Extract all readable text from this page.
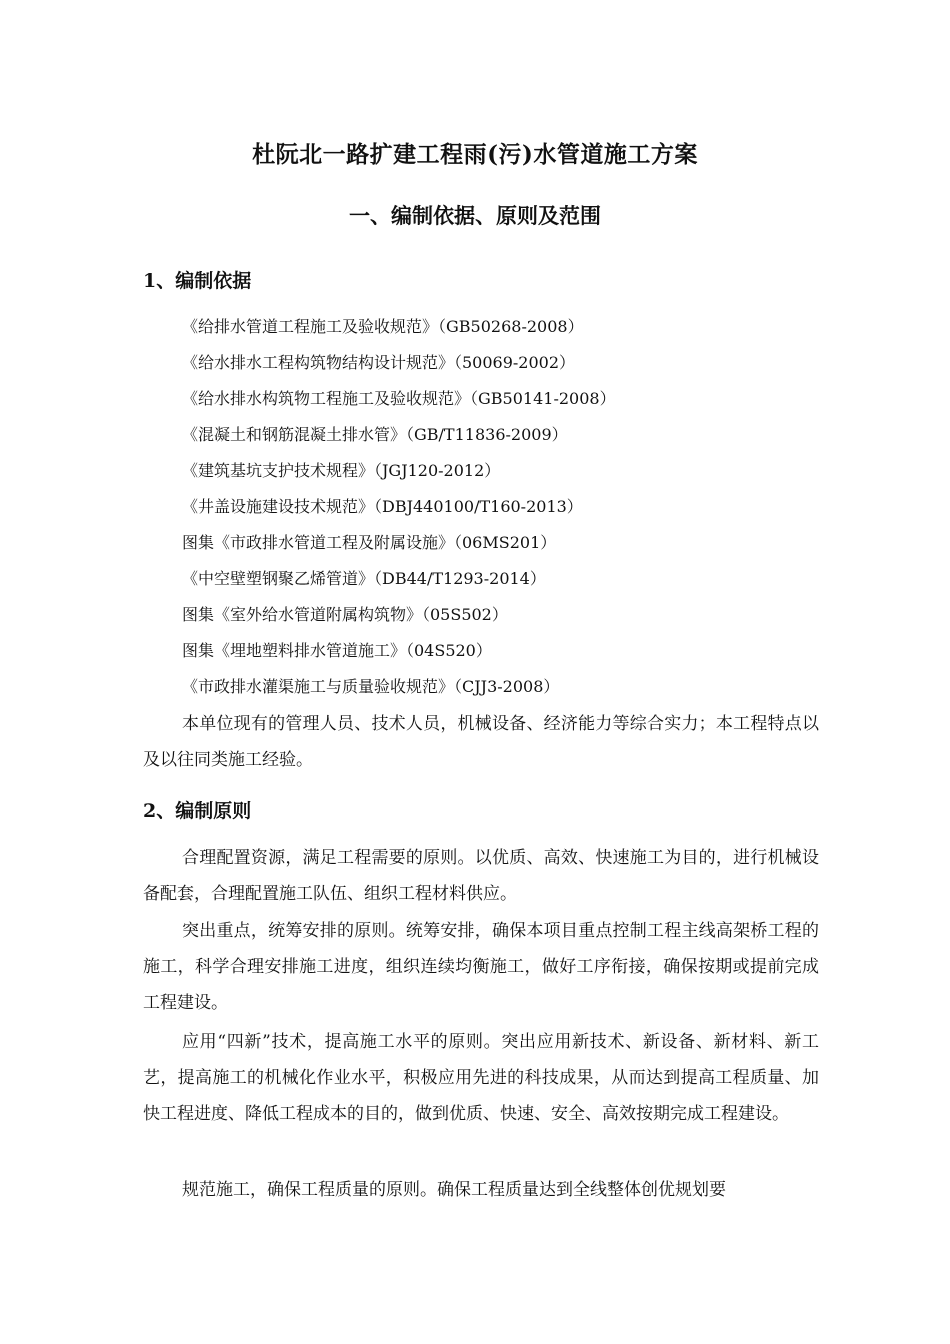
杜阮北一路扩建工程雨(污)水管道施工方案
一、编制依据、原则及范围
1、编制依据
《给排水管道工程施工及验收规范》（GB50268-2008）
《给水排水工程构筑物结构设计规范》（50069-2002）
《给水排水构筑物工程施工及验收规范》（GB50141-2008）
《混凝土和钢筋混凝土排水管》（GB/T11836-2009）
《建筑基坑支护技术规程》（JGJ120-2012）
《井盖设施建设技术规范》（DBJ440100/T160-2013）
图集《市政排水管道工程及附属设施》（06MS201）
《中空壁塑钢聚乙烯管道》（DB44/T1293-2014）
图集《室外给水管道附属构筑物》（05S502）
图集《埋地塑料排水管道施工》（04S520）
《市政排水灌渠施工与质量验收规范》（CJJ3-2008）
本单位现有的管理人员、技术人员，机械设备、经济能力等综合实力；本工程特点以及以往同类施工经验。
2、编制原则
合理配置资源，满足工程需要的原则。以优质、高效、快速施工为目的，进行机械设备配套，合理配置施工队伍、组织工程材料供应。
突出重点，统筹安排的原则。统筹安排，确保本项目重点控制工程主线高架桥工程的施工，科学合理安排施工进度，组织连续均衡施工，做好工序衔接，确保按期或提前完成工程建设。
应用“四新”技术，提高施工水平的原则。突出应用新技术、新设备、新材料、新工艺，提高施工的机械化作业水平，积极应用先进的科技成果，从而达到提高工程质量、加快工程进度、降低工程成本的目的，做到优质、快速、安全、高效按期完成工程建设。
规范施工，确保工程质量的原则。确保工程质量达到全线整体创优规划要
